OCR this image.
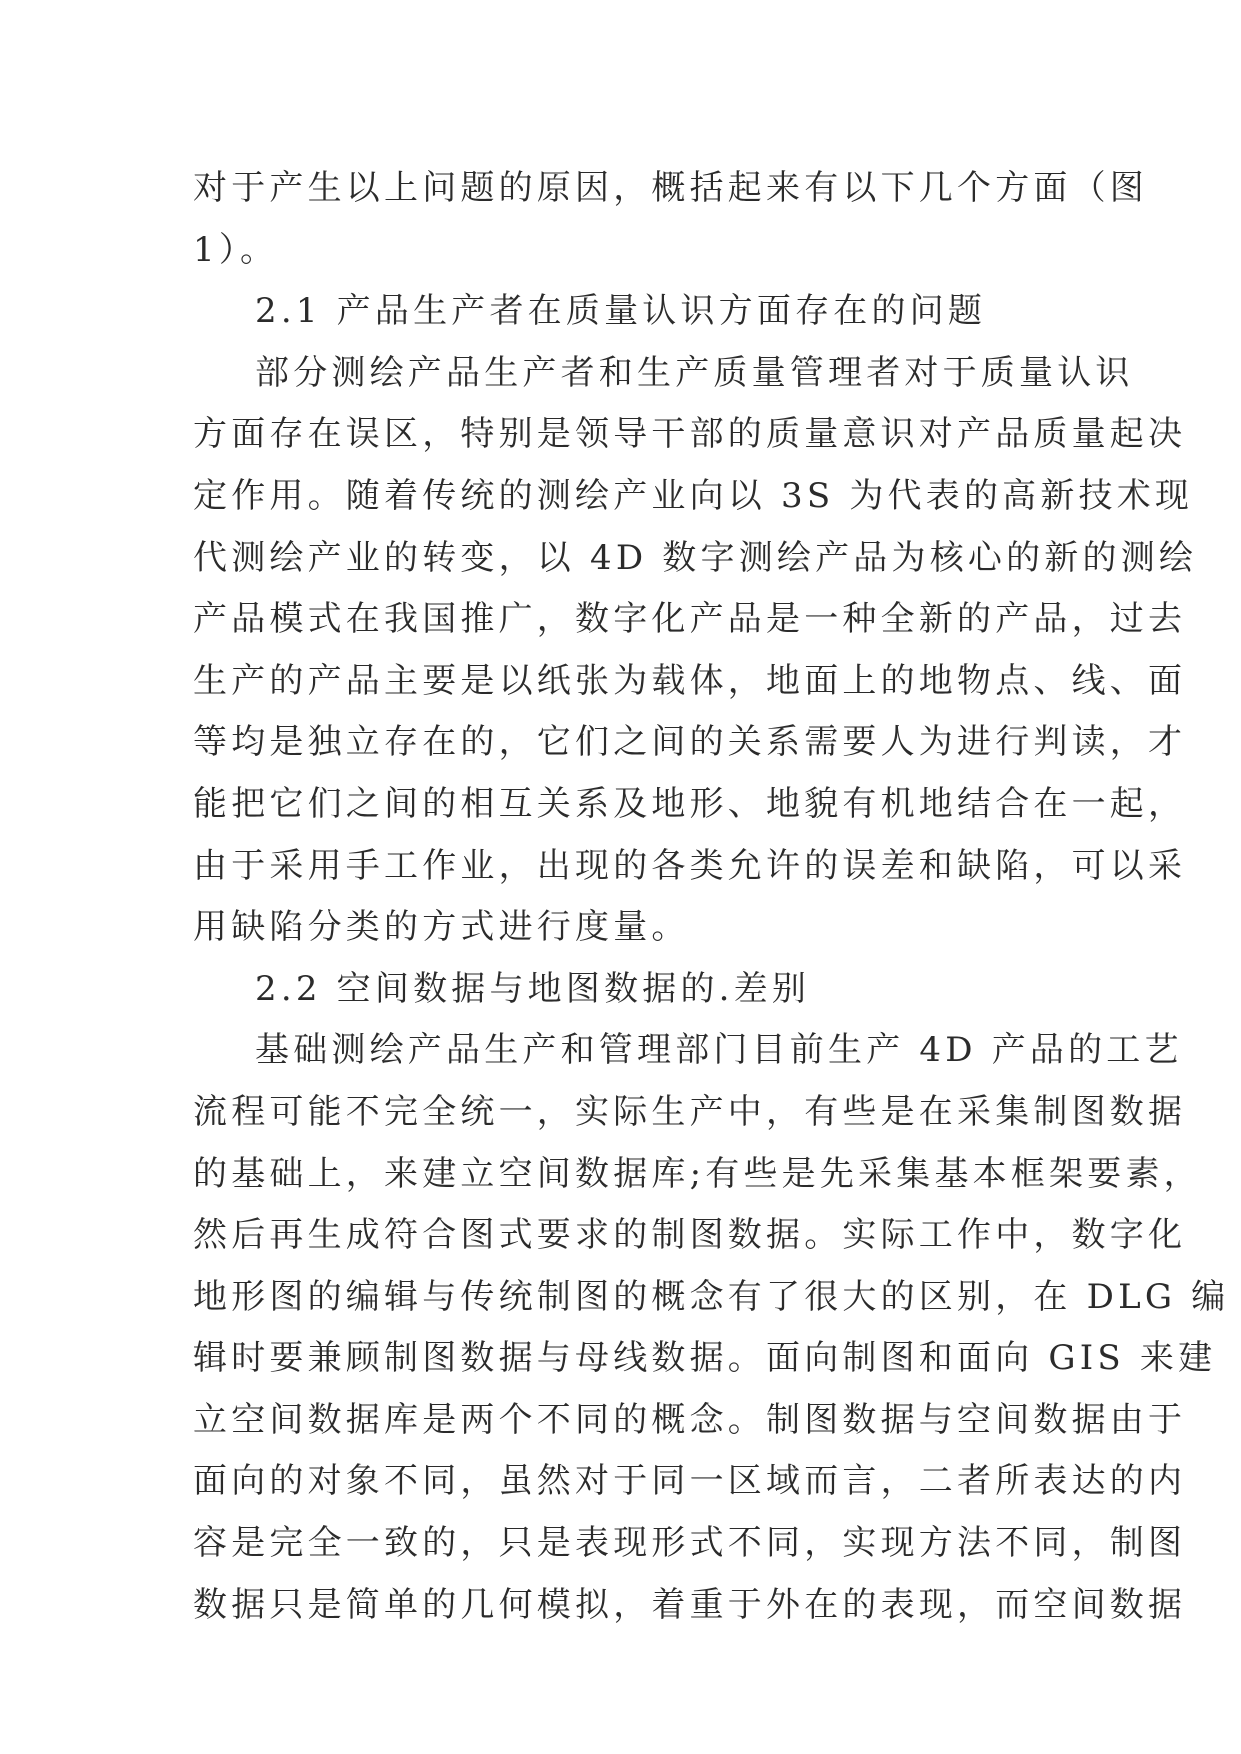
对于产生以上问题的原因，概括起来有以下几个方面（图
1）。
2.1 产品生产者在质量认识方面存在的问题
部分测绘产品生产者和生产质量管理者对于质量认识
方面存在误区，特别是领导干部的质量意识对产品质量起决
定作用。随着传统的测绘产业向以 3S 为代表的高新技术现
代测绘产业的转变，以 4D 数字测绘产品为核心的新的测绘
产品模式在我国推广，数字化产品是一种全新的产品，过去
生产的产品主要是以纸张为载体，地面上的地物点、线、面
等均是独立存在的，它们之间的关系需要人为进行判读，才
能把它们之间的相互关系及地形、地貌有机地结合在一起，
由于采用手工作业，出现的各类允许的误差和缺陷，可以采
用缺陷分类的方式进行度量。
2.2 空间数据与地图数据的.差别
基础测绘产品生产和管理部门目前生产 4D 产品的工艺
流程可能不完全统一，实际生产中，有些是在采集制图数据
的基础上，来建立空间数据库;有些是先采集基本框架要素，
然后再生成符合图式要求的制图数据。实际工作中，数字化
地形图的编辑与传统制图的概念有了很大的区别，在 DLG 编
辑时要兼顾制图数据与母线数据。面向制图和面向 GIS 来建
立空间数据库是两个不同的概念。制图数据与空间数据由于
面向的对象不同，虽然对于同一区域而言，二者所表达的内
容是完全一致的，只是表现形式不同，实现方法不同，制图
数据只是简单的几何模拟，着重于外在的表现，而空间数据
